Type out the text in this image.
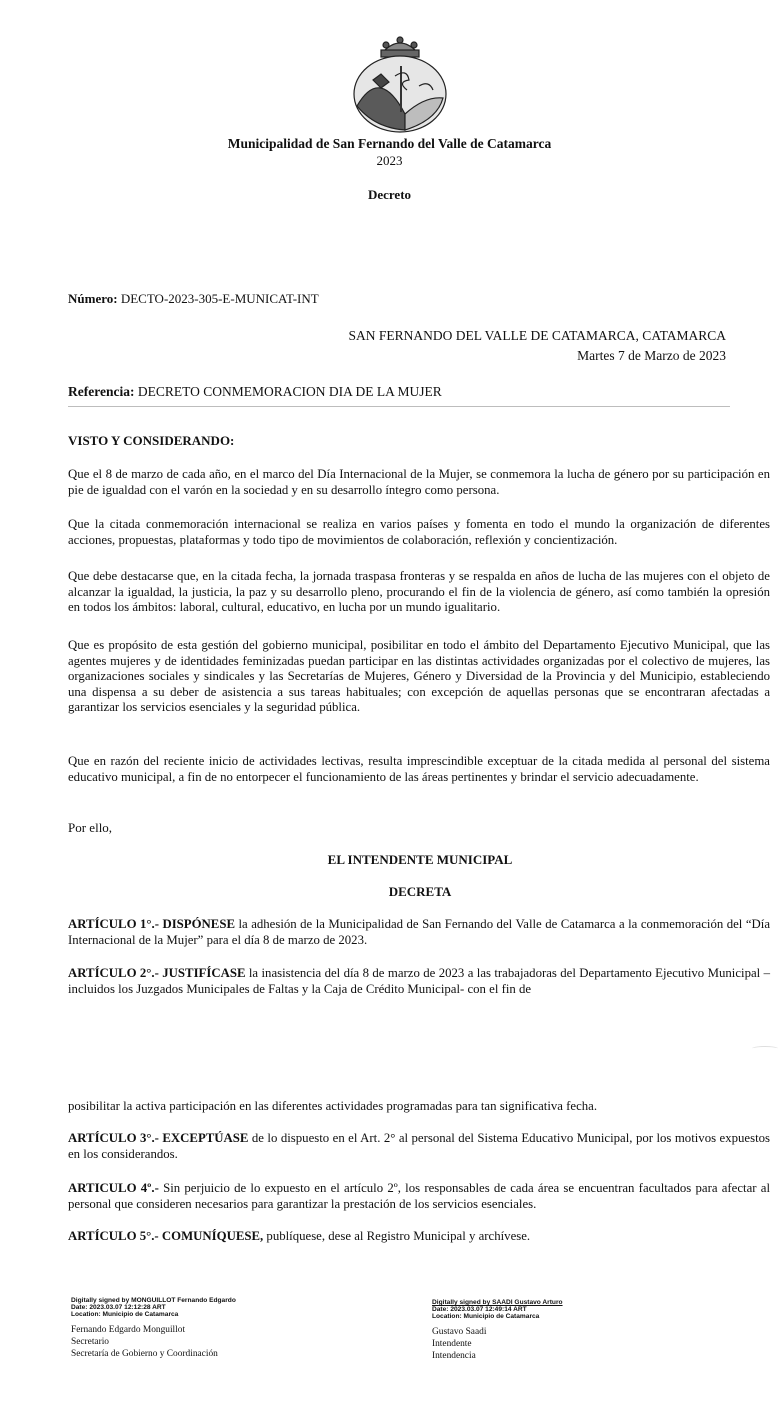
Municipalidad de San Fernando del Valle de Catamarca
2023
Decreto
Número: DECTO-2023-305-E-MUNICAT-INT
SAN FERNANDO DEL VALLE DE CATAMARCA, CATAMARCA
Martes 7 de Marzo de 2023
Referencia: DECRETO CONMEMORACION DIA DE LA MUJER
VISTO Y CONSIDERANDO:

Que el 8 de marzo de cada año, en el marco del Día Internacional de la Mujer, se conmemora la lucha de género por su participación en pie de igualdad con el varón en la sociedad y en su desarrollo íntegro como persona.

Que la citada conmemoración internacional se realiza en varios países y fomenta en todo el mundo la organización de diferentes acciones, propuestas, plataformas y todo tipo de movimientos de colaboración, reflexión y concientización.

Que debe destacarse que, en la citada fecha, la jornada traspasa fronteras y se respalda en años de lucha de las mujeres con el objeto de alcanzar la igualdad, la justicia, la paz y su desarrollo pleno, procurando el fin de la violencia de género, así como también la opresión en todos los ámbitos: laboral, cultural, educativo, en lucha por un mundo igualitario.

Que es propósito de esta gestión del gobierno municipal, posibilitar en todo el ámbito del Departamento Ejecutivo Municipal, que las agentes mujeres y de identidades feminizadas puedan participar en las distintas actividades organizadas por el colectivo de mujeres, las organizaciones sociales y sindicales y las Secretarías de Mujeres, Género y Diversidad de la Provincia y del Municipio, estableciendo una dispensa a su deber de asistencia a sus tareas habituales; con excepción de aquellas personas que se encontraran afectadas a garantizar los servicios esenciales y la seguridad pública.

Que en razón del reciente inicio de actividades lectivas, resulta imprescindible exceptuar de la citada medida al personal del sistema educativo municipal, a fin de no entorpecer el funcionamiento de las áreas pertinentes y brindar el servicio adecuadamente.

Por ello,
EL INTENDENTE MUNICIPAL
DECRETA

ARTÍCULO 1°.- DISPÓNESE la adhesión de la Municipalidad de San Fernando del Valle de Catamarca a la conmemoración del “Día Internacional de la Mujer” para el día 8 de marzo de 2023.

ARTÍCULO 2°.- JUSTIFÍCASE la inasistencia del día 8 de marzo de 2023 a las trabajadoras del Departamento Ejecutivo Municipal –incluidos los Juzgados Municipales de Faltas y la Caja de Crédito Municipal- con el fin de

posibilitar la activa participación en las diferentes actividades programadas para tan significativa fecha.

ARTÍCULO 3°.- EXCEPTÚASE de lo dispuesto en el Art. 2° al personal del Sistema Educativo Municipal, por los motivos expuestos en los considerandos.

ARTICULO 4º.- Sin perjuicio de lo expuesto en el artículo 2º, los responsables de cada área se encuentran facultados para afectar al personal que consideren necesarios para garantizar la prestación de los servicios esenciales.

ARTÍCULO 5°.- COMUNÍQUESE, publíquese, dese al Registro Municipal y archívese.

Digitally signed by MONGUILLOT Fernando Edgardo
Date: 2023.03.07 12:12:28 ART
Location: Municipio de Catamarca
Fernando Edgardo Monguillot
Secretario
Secretaría de Gobierno y Coordinación
Digitally signed by SAADI Gustavo Arturo
Date: 2023.03.07 12:49:14 ART
Location: Municipio de Catamarca
Gustavo Saadi
Intendente
Intendencia
